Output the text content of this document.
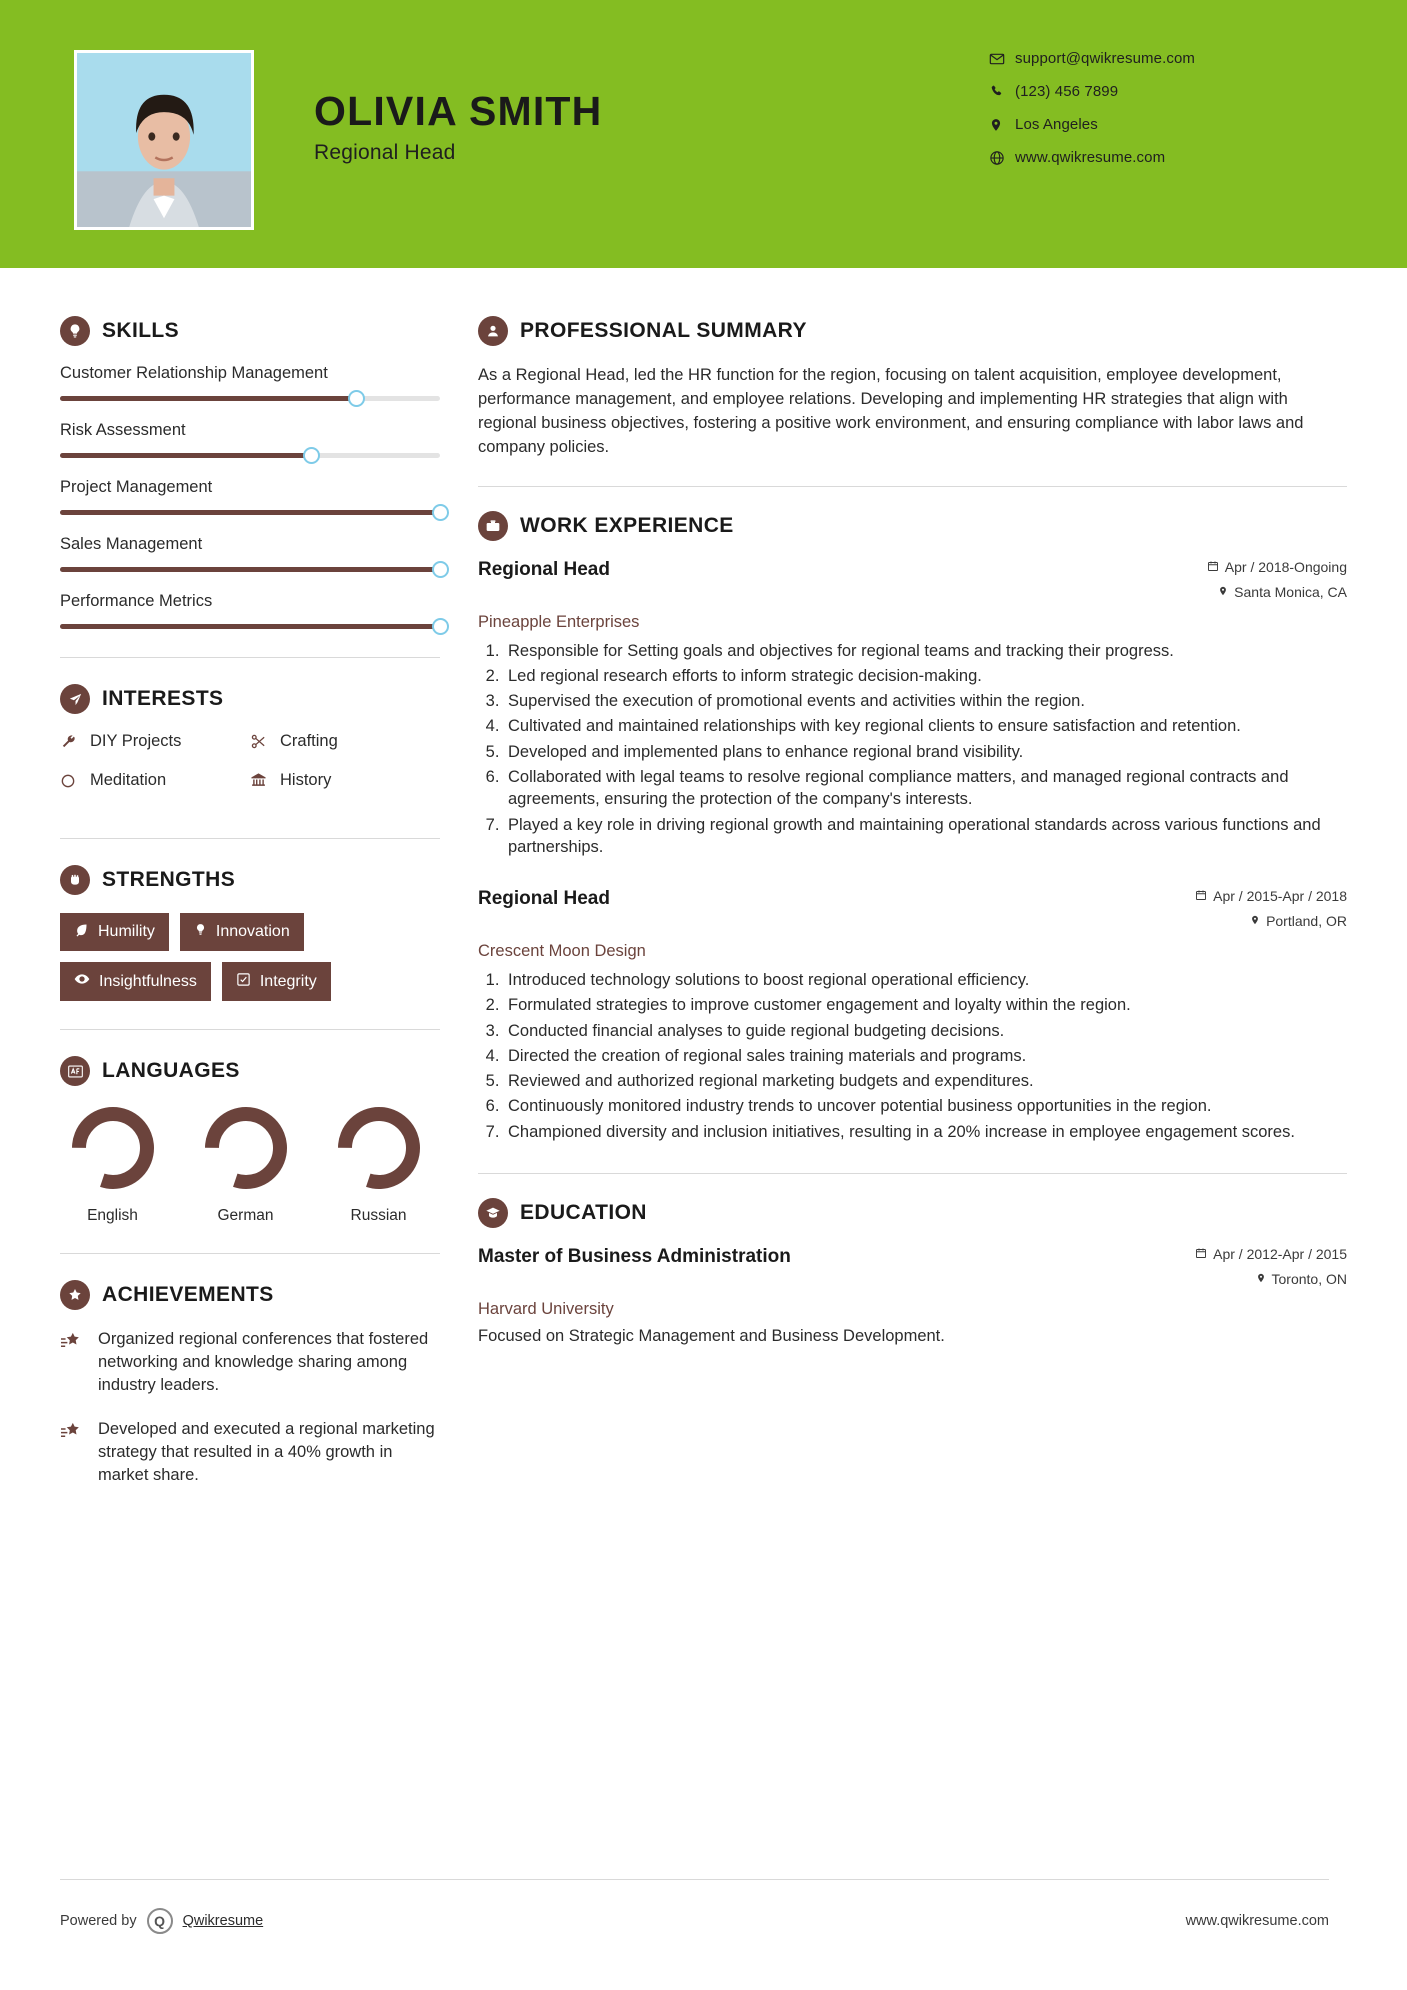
OLIVIA SMITH
Regional Head
support@qwikresume.com
(123) 456 7899
Los Angeles
www.qwikresume.com
SKILLS
Customer Relationship Management
Risk Assessment
Project Management
Sales Management
Performance Metrics
INTERESTS
DIY Projects	Crafting
Meditation	History
STRENGTHS
Humility	Innovation
Insightfulness	Integrity
LANGUAGES
English	German	Russian
ACHIEVEMENTS
Organized regional conferences that fostered networking and knowledge sharing among industry leaders.
Developed and executed a regional marketing strategy that resulted in a 40% growth in market share.
PROFESSIONAL SUMMARY
As a Regional Head, led the HR function for the region, focusing on talent acquisition, employee development, performance management, and employee relations. Developing and implementing HR strategies that align with regional business objectives, fostering a positive work environment, and ensuring compliance with labor laws and company policies.
WORK EXPERIENCE
Regional Head	Apr / 2018-Ongoing
Santa Monica, CA
Pineapple Enterprises
1. Responsible for Setting goals and objectives for regional teams and tracking their progress.
2. Led regional research efforts to inform strategic decision-making.
3. Supervised the execution of promotional events and activities within the region.
4. Cultivated and maintained relationships with key regional clients to ensure satisfaction and retention.
5. Developed and implemented plans to enhance regional brand visibility.
6. Collaborated with legal teams to resolve regional compliance matters, and managed regional contracts and agreements, ensuring the protection of the company's interests.
7. Played a key role in driving regional growth and maintaining operational standards across various functions and partnerships.
Regional Head	Apr / 2015-Apr / 2018
Portland, OR
Crescent Moon Design
1. Introduced technology solutions to boost regional operational efficiency.
2. Formulated strategies to improve customer engagement and loyalty within the region.
3. Conducted financial analyses to guide regional budgeting decisions.
4. Directed the creation of regional sales training materials and programs.
5. Reviewed and authorized regional marketing budgets and expenditures.
6. Continuously monitored industry trends to uncover potential business opportunities in the region.
7. Championed diversity and inclusion initiatives, resulting in a 20% increase in employee engagement scores.
EDUCATION
Master of Business Administration	Apr / 2012-Apr / 2015
Toronto, ON
Harvard University
Focused on Strategic Management and Business Development.
Powered by	Q	Qwikresume	www.qwikresume.com
